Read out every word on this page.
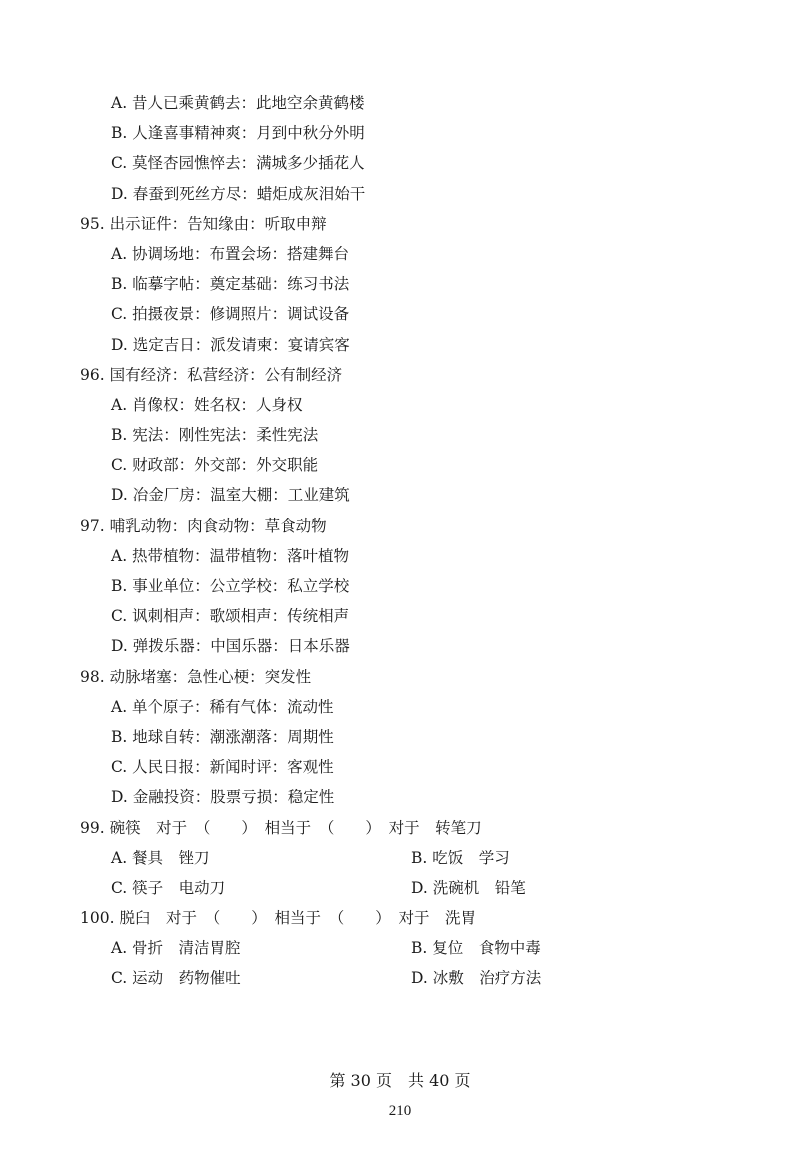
A. 昔人已乘黄鹤去：此地空余黄鹤楼
B. 人逢喜事精神爽：月到中秋分外明
C. 莫怪杏园憔悴去：满城多少插花人
D. 春蚕到死丝方尽：蜡炬成灰泪始干
95. 出示证件：告知缘由：听取申辩
A. 协调场地：布置会场：搭建舞台
B. 临摹字帖：奠定基础：练习书法
C. 拍摄夜景：修调照片：调试设备
D. 选定吉日：派发请柬：宴请宾客
96. 国有经济：私营经济：公有制经济
A. 肖像权：姓名权：人身权
B. 宪法：刚性宪法：柔性宪法
C. 财政部：外交部：外交职能
D. 冶金厂房：温室大棚：工业建筑
97. 哺乳动物：肉食动物：草食动物
A. 热带植物：温带植物：落叶植物
B. 事业单位：公立学校：私立学校
C. 讽刺相声：歌颂相声：传统相声
D. 弹拨乐器：中国乐器：日本乐器
98. 动脉堵塞：急性心梗：突发性
A. 单个原子：稀有气体：流动性
B. 地球自转：潮涨潮落：周期性
C. 人民日报：新闻时评：客观性
D. 金融投资：股票亏损：稳定性
99. 碗筷　对于　（　　）　相当于　（　　）　对于　转笔刀
A. 餐具　锉刀	B. 吃饭　学习
C. 筷子　电动刀	D. 洗碗机　铅笔
100. 脱臼　对于　（　　）　相当于　（　　）　对于　洗胃
A. 骨折　清洁胃腔	B. 复位　食物中毒
C. 运动　药物催吐	D. 冰敷　治疗方法
第 30 页　共 40 页
210
